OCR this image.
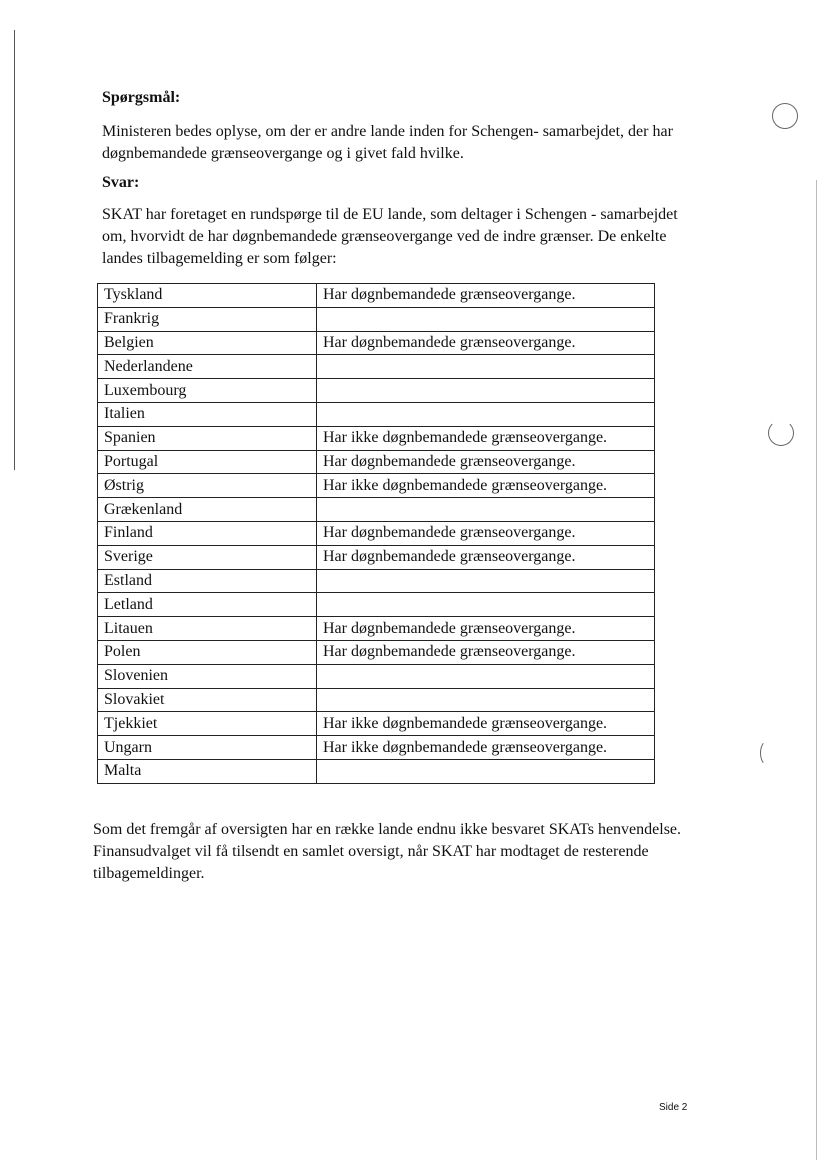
Spørgsmål:
Ministeren bedes oplyse, om der er andre lande inden for Schengen- samarbejdet, der har døgnbemandede grænseovergange og i givet fald hvilke.
Svar:
SKAT har foretaget en rundspørge til de EU lande, som deltager i Schengen - samarbejdet om, hvorvidt de har døgnbemandede grænseovergange ved de indre grænser. De enkelte landes tilbagemelding er som følger:
Tyskland	Har døgnbemandede grænseovergange.
Frankrig	
Belgien	Har døgnbemandede grænseovergange.
Nederlandene	
Luxembourg	
Italien	
Spanien	Har ikke døgnbemandede grænseovergange.
Portugal	Har døgnbemandede grænseovergange.
Østrig	Har ikke døgnbemandede grænseovergange.
Grækenland	
Finland	Har døgnbemandede grænseovergange.
Sverige	Har døgnbemandede grænseovergange.
Estland	
Letland	
Litauen	Har døgnbemandede grænseovergange.
Polen	Har døgnbemandede grænseovergange.
Slovenien	
Slovakiet	
Tjekkiet	Har ikke døgnbemandede grænseovergange.
Ungarn	Har ikke døgnbemandede grænseovergange.
Malta	
Som det fremgår af oversigten har en række lande endnu ikke besvaret SKATs henvendelse. Finansudvalget vil få tilsendt en samlet oversigt, når SKAT har modtaget de resterende tilbagemeldinger.
Side 2
